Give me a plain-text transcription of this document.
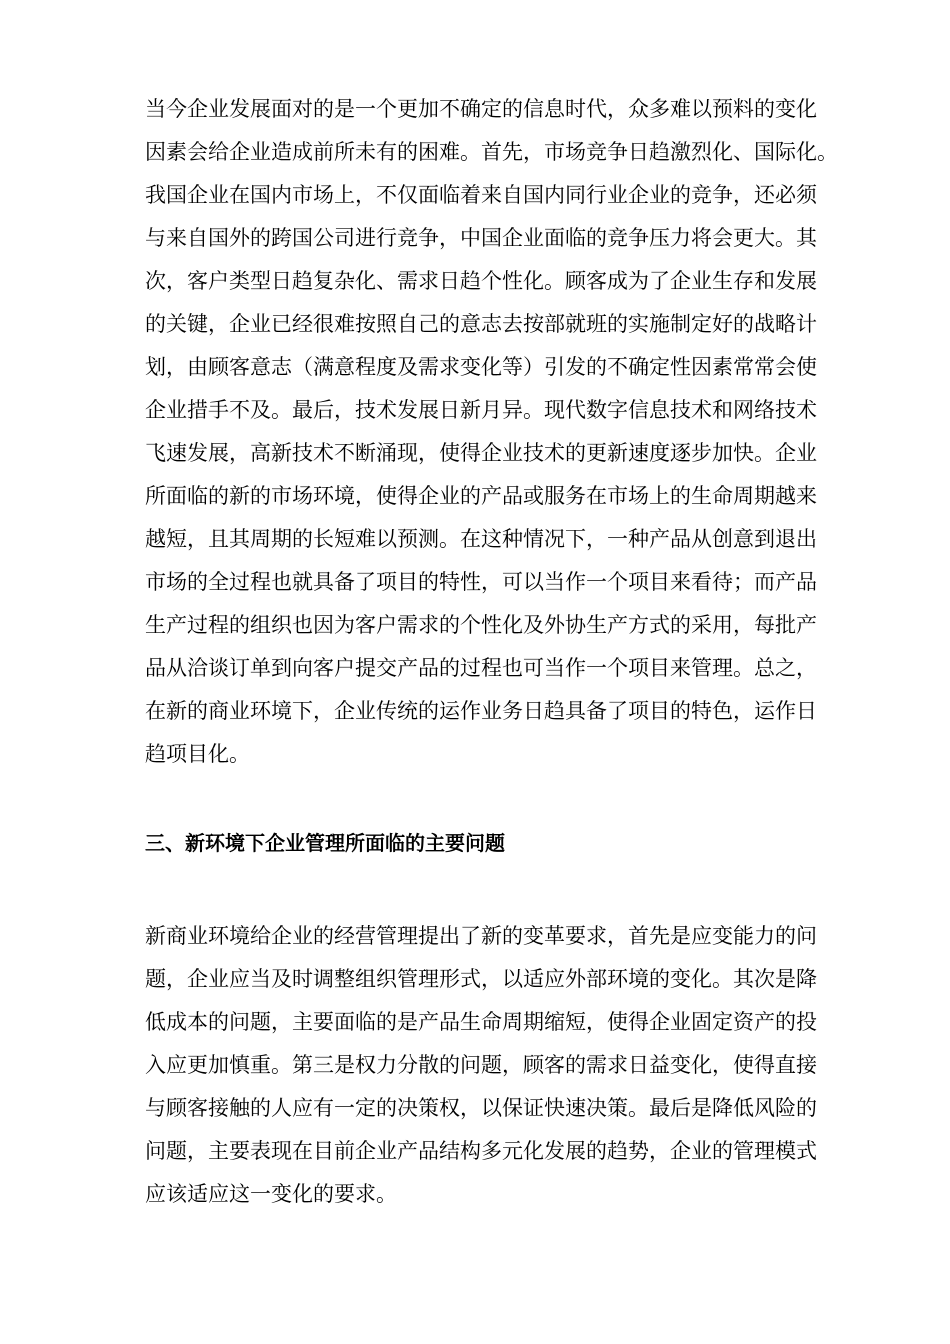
当今企业发展面对的是一个更加不确定的信息时代，众多难以预料的变化
因素会给企业造成前所未有的困难。首先，市场竞争日趋激烈化、国际化。
我国企业在国内市场上，不仅面临着来自国内同行业企业的竞争，还必须
与来自国外的跨国公司进行竞争，中国企业面临的竞争压力将会更大。其
次，客户类型日趋复杂化、需求日趋个性化。顾客成为了企业生存和发展
的关键，企业已经很难按照自己的意志去按部就班的实施制定好的战略计
划，由顾客意志（满意程度及需求变化等）引发的不确定性因素常常会使
企业措手不及。最后，技术发展日新月异。现代数字信息技术和网络技术
飞速发展，高新技术不断涌现，使得企业技术的更新速度逐步加快。企业
所面临的新的市场环境，使得企业的产品或服务在市场上的生命周期越来
越短，且其周期的长短难以预测。在这种情况下，一种产品从创意到退出
市场的全过程也就具备了项目的特性，可以当作一个项目来看待；而产品
生产过程的组织也因为客户需求的个性化及外协生产方式的采用，每批产
品从洽谈订单到向客户提交产品的过程也可当作一个项目来管理。总之，
在新的商业环境下，企业传统的运作业务日趋具备了项目的特色，运作日
趋项目化。
三、新环境下企业管理所面临的主要问题
新商业环境给企业的经营管理提出了新的变革要求，首先是应变能力的问
题，企业应当及时调整组织管理形式，以适应外部环境的变化。其次是降
低成本的问题，主要面临的是产品生命周期缩短，使得企业固定资产的投
入应更加慎重。第三是权力分散的问题，顾客的需求日益变化，使得直接
与顾客接触的人应有一定的决策权，以保证快速决策。最后是降低风险的
问题，主要表现在目前企业产品结构多元化发展的趋势，企业的管理模式
应该适应这一变化的要求。
